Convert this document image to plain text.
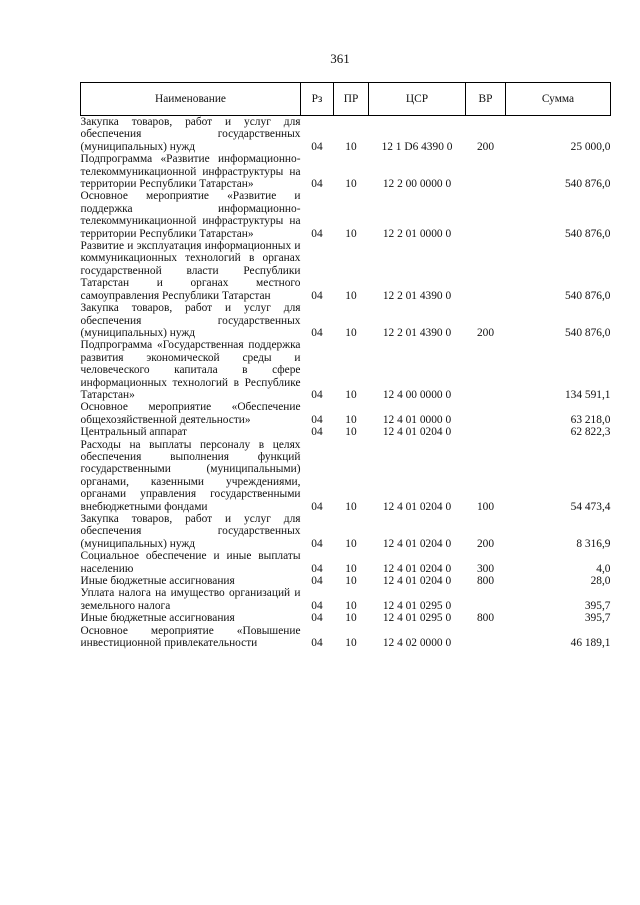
361
Наименование	Рз	ПР	ЦСР	ВР	Сумма
Закупка товаров, работ и услуг для обеспечения государственных (муниципальных) нужд	04	10	12 1 D6 4390 0	200	25 000,0
Подпрограмма «Развитие информационно-телекоммуникационной инфраструктуры на территории Республики Татарстан»	04	10	12 2 00 0000 0		540 876,0
Основное мероприятие «Развитие и поддержка информационно-телекоммуникационной инфраструктуры на территории Республики Татарстан»	04	10	12 2 01 0000 0		540 876,0
Развитие и эксплуатация информационных и коммуникационных технологий в органах государственной власти Республики Татарстан и органах местного самоуправления Республики Татарстан	04	10	12 2 01 4390 0		540 876,0
Закупка товаров, работ и услуг для обеспечения государственных (муниципальных) нужд	04	10	12 2 01 4390 0	200	540 876,0
Подпрограмма «Государственная поддержка развития экономической среды и человеческого капитала в сфере информационных технологий в Республике Татарстан»	04	10	12 4 00 0000 0		134 591,1
Основное мероприятие «Обеспечение общехозяйственной деятельности»	04	10	12 4 01 0000 0		63 218,0
Центральный аппарат	04	10	12 4 01 0204 0		62 822,3
Расходы на выплаты персоналу в целях обеспечения выполнения функций государственными (муниципальными) органами, казенными учреждениями, органами управления государственными внебюджетными фондами	04	10	12 4 01 0204 0	100	54 473,4
Закупка товаров, работ и услуг для обеспечения государственных (муниципальных) нужд	04	10	12 4 01 0204 0	200	8 316,9
Социальное обеспечение и иные выплаты населению	04	10	12 4 01 0204 0	300	4,0
Иные бюджетные ассигнования	04	10	12 4 01 0204 0	800	28,0
Уплата налога на имущество организаций и земельного налога	04	10	12 4 01 0295 0		395,7
Иные бюджетные ассигнования	04	10	12 4 01 0295 0	800	395,7
Основное мероприятие «Повышение инвестиционной привлекательности	04	10	12 4 02 0000 0		46 189,1
